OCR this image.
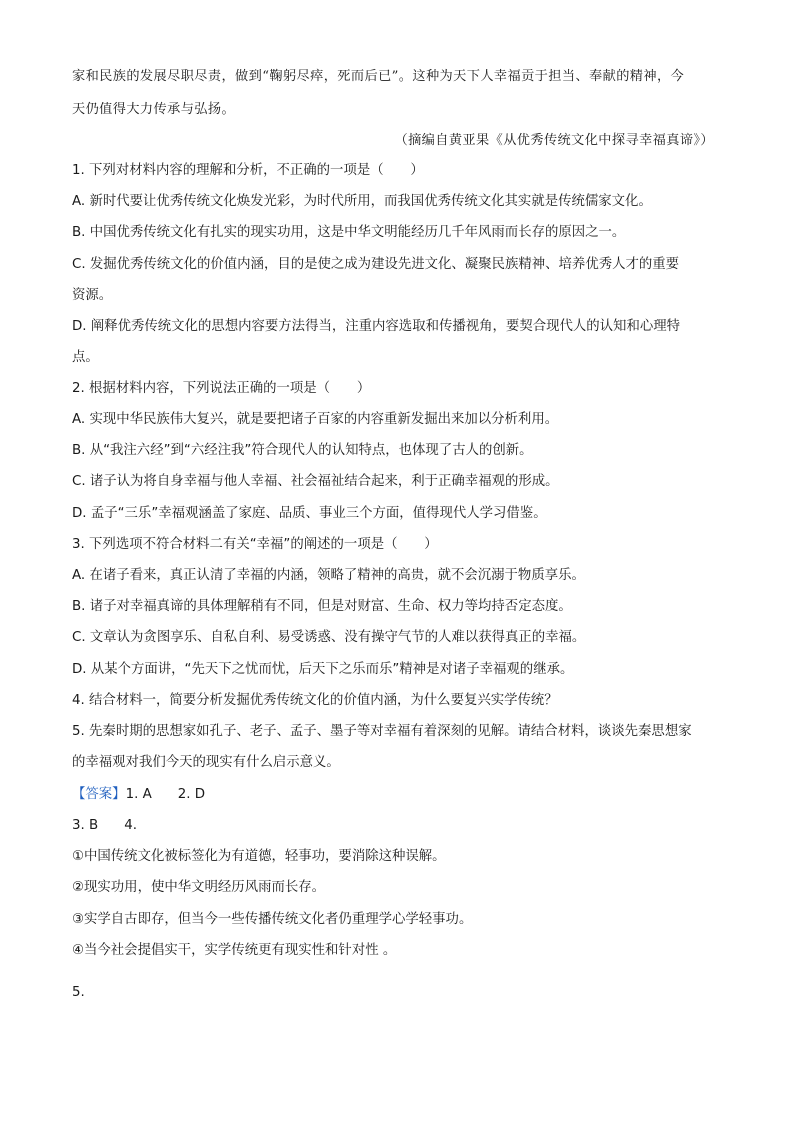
家和民族的发展尽职尽责，做到“鞠躬尽瘁，死而后已”。这种为天下人幸福贡于担当、奉献的精神，今
天仍值得大力传承与弘扬。
（摘编自黄亚果《从优秀传统文化中探寻幸福真谛》）
1. 下列对材料内容的理解和分析，不正确的一项是（　　）
A. 新时代要让优秀传统文化焕发光彩，为时代所用，而我国优秀传统文化其实就是传统儒家文化。
B. 中国优秀传统文化有扎实的现实功用，这是中华文明能经历几千年风雨而长存的原因之一。
C. 发掘优秀传统文化的价值内涵，目的是使之成为建设先进文化、凝聚民族精神、培养优秀人才的重要
资源。
D. 阐释优秀传统文化的思想内容要方法得当，注重内容选取和传播视角，要契合现代人的认知和心理特
点。
2. 根据材料内容，下列说法正确的一项是（　　）
A. 实现中华民族伟大复兴，就是要把诸子百家的内容重新发掘出来加以分析利用。
B. 从“我注六经”到“六经注我”符合现代人的认知特点，也体现了古人的创新。
C. 诸子认为将自身幸福与他人幸福、社会福祉结合起来，利于正确幸福观的形成。
D. 孟子“三乐”幸福观涵盖了家庭、品质、事业三个方面，值得现代人学习借鉴。
3. 下列选项不符合材料二有关“幸福”的阐述的一项是（　　）
A. 在诸子看来，真正认清了幸福的内涵，领略了精神的高贵，就不会沉溺于物质享乐。
B. 诸子对幸福真谛的具体理解稍有不同，但是对财富、生命、权力等均持否定态度。
C. 文章认为贪图享乐、自私自利、易受诱惑、没有操守气节的人难以获得真正的幸福。
D. 从某个方面讲，“先天下之忧而忧，后天下之乐而乐”精神是对诸子幸福观的继承。
4. 结合材料一，简要分析发掘优秀传统文化的价值内涵，为什么要复兴实学传统？
5. 先秦时期的思想家如孔子、老子、孟子、墨子等对幸福有着深刻的见解。请结合材料，谈谈先秦思想家
的幸福观对我们今天的现实有什么启示意义。
【答案】1. A 2. D
3. B 4.
①中国传统文化被标签化为有道德，轻事功，要消除这种误解。
②现实功用，使中华文明经历风雨而长存。
③实学自古即存，但当今一些传播传统文化者仍重理学心学轻事功。
④当今社会提倡实干，实学传统更有现实性和针对性 。
5.
